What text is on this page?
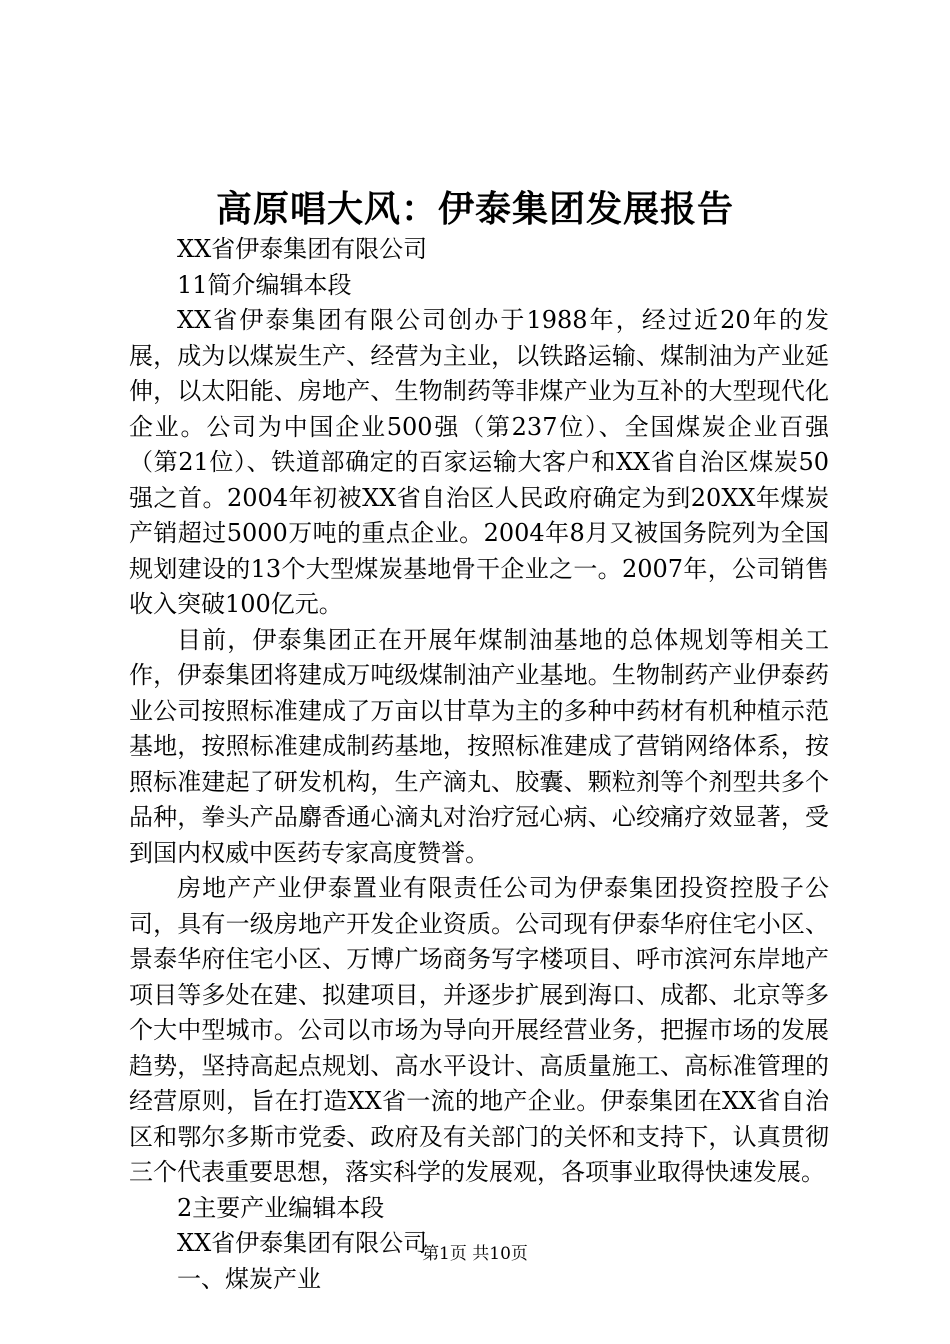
高原唱大风：伊泰集团发展报告

XX省伊泰集团有限公司

11简介编辑本段

XX省伊泰集团有限公司创办于1988年，经过近20年的发展，成为以煤炭生产、经营为主业，以铁路运输、煤制油为产业延伸，以太阳能、房地产、生物制药等非煤产业为互补的大型现代化企业。公司为中国企业500强（第237位）、全国煤炭企业百强（第21位）、铁道部确定的百家运输大客户和XX省自治区煤炭50强之首。2004年初被XX省自治区人民政府确定为到20XX年煤炭产销超过5000万吨的重点企业。2004年8月又被国务院列为全国规划建设的13个大型煤炭基地骨干企业之一。2007年，公司销售收入突破100亿元。

目前，伊泰集团正在开展年煤制油基地的总体规划等相关工作，伊泰集团将建成万吨级煤制油产业基地。生物制药产业伊泰药业公司按照标准建成了万亩以甘草为主的多种中药材有机种植示范基地，按照标准建成制药基地，按照标准建成了营销网络体系，按照标准建起了研发机构，生产滴丸、胶囊、颗粒剂等个剂型共多个品种，拳头产品麝香通心滴丸对治疗冠心病、心绞痛疗效显著，受到国内权威中医药专家高度赞誉。

房地产产业伊泰置业有限责任公司为伊泰集团投资控股子公司，具有一级房地产开发企业资质。公司现有伊泰华府住宅小区、景泰华府住宅小区、万博广场商务写字楼项目、呼市滨河东岸地产项目等多处在建、拟建项目，并逐步扩展到海口、成都、北京等多个大中型城市。公司以市场为导向开展经营业务，把握市场的发展趋势，坚持高起点规划、高水平设计、高质量施工、高标准管理的经营原则，旨在打造XX省一流的地产企业。伊泰集团在XX省自治区和鄂尔多斯市党委、政府及有关部门的关怀和支持下，认真贯彻三个代表重要思想，落实科学的发展观，各项事业取得快速发展。

2主要产业编辑本段

XX省伊泰集团有限公司

一、煤炭产业

第1页 共10页
